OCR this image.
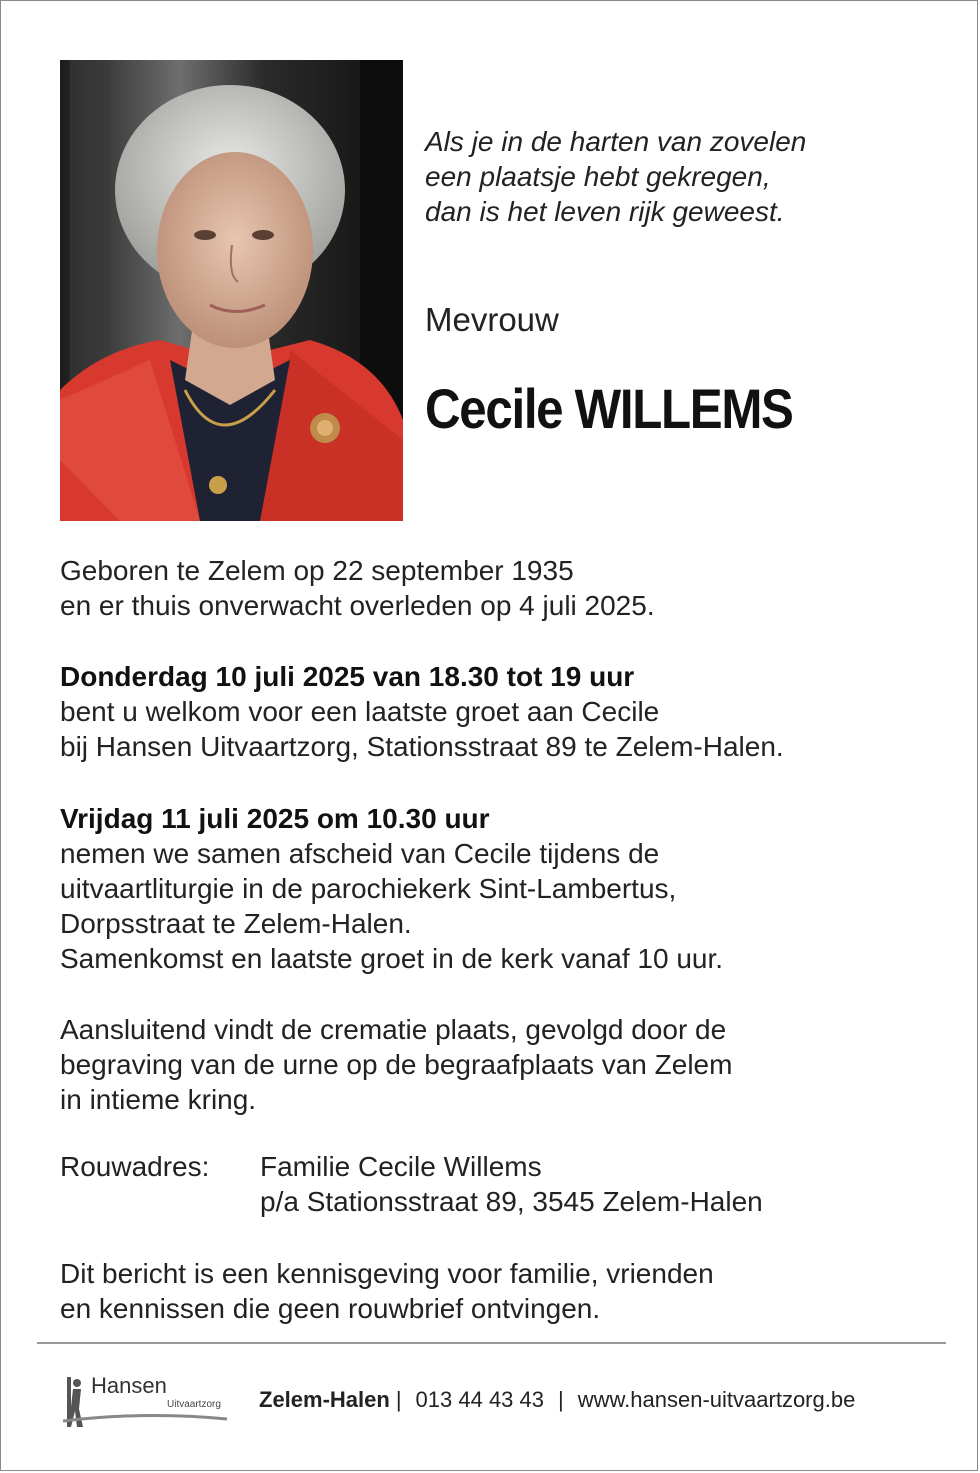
Als je in de harten van zovelen
een plaatsje hebt gekregen,
dan is het leven rijk geweest.
Mevrouw
Cecile WILLEMS
Geboren te Zelem op 22 september 1935
en er thuis onverwacht overleden op 4 juli 2025.
Donderdag 10 juli 2025 van 18.30 tot 19 uur
bent u welkom voor een laatste groet aan Cecile
bij Hansen Uitvaartzorg, Stationsstraat 89 te Zelem-Halen.
Vrijdag 11 juli 2025 om 10.30 uur
nemen we samen afscheid van Cecile tijdens de
uitvaartliturgie in de parochiekerk Sint-Lambertus,
Dorpsstraat te Zelem-Halen.
Samenkomst en laatste groet in de kerk vanaf 10 uur.
Aansluitend vindt de crematie plaats, gevolgd door de
begraving van de urne op de begraafplaats van Zelem
in intieme kring.
Rouwadres: Familie Cecile Willems
p/a Stationsstraat 89, 3545 Zelem-Halen
Dit bericht is een kennisgeving voor familie, vrienden
en kennissen die geen rouwbrief ontvingen.
Hansen
Uitvaartzorg Zelem-Halen | 013 44 43 43 | www.hansen-uitvaartzorg.be
